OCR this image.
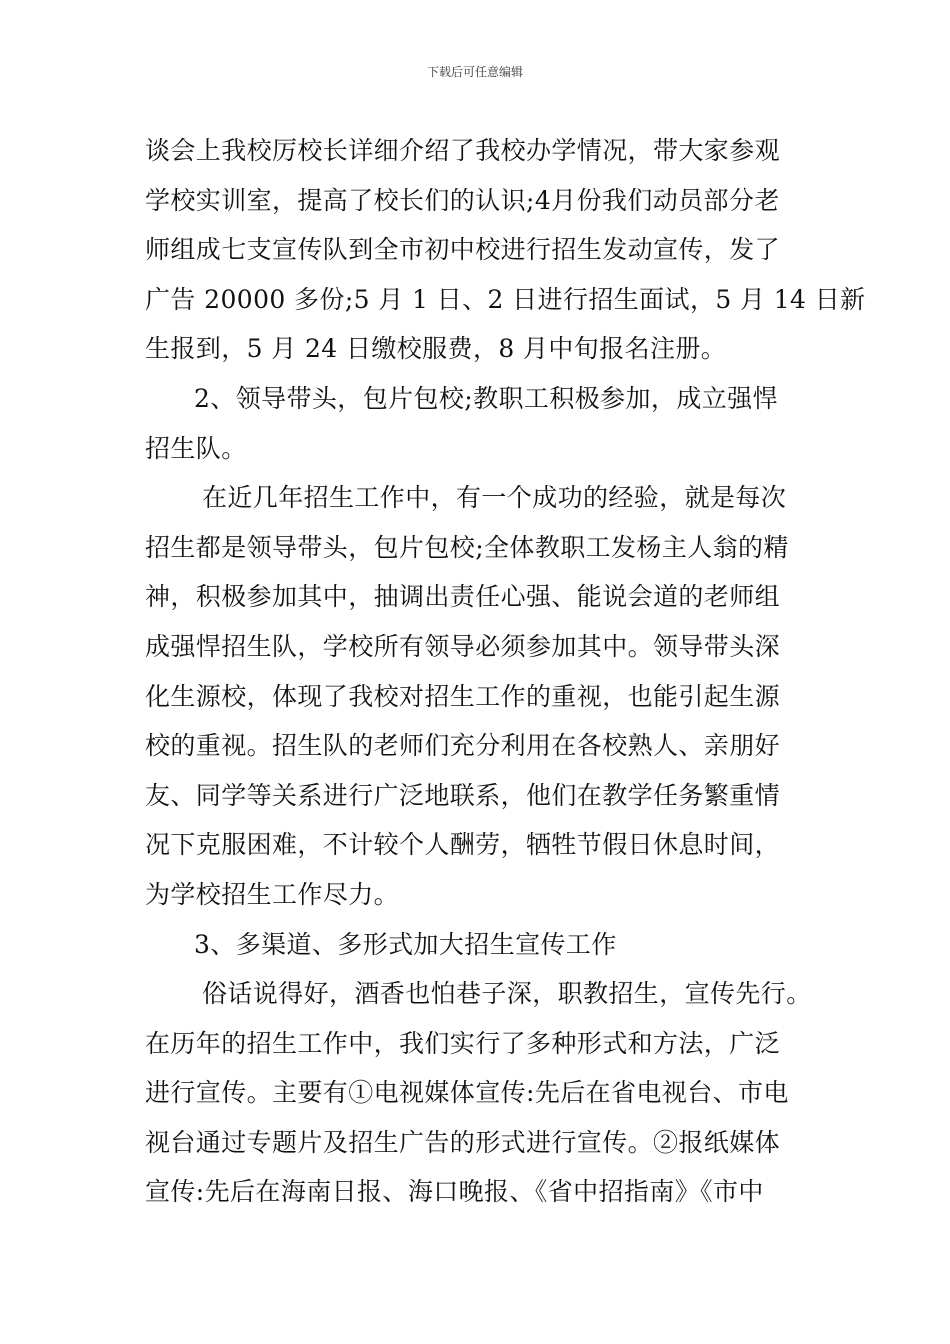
下载后可任意编辑
谈会上我校厉校长详细介绍了我校办学情况，带大家参观
学校实训室，提高了校长们的认识;4月份我们动员部分老
师组成七支宣传队到全市初中校进行招生发动宣传，发了
广告 20000 多份;5 月 1 日、2 日进行招生面试，5 月 14 日新
生报到，5 月 24 日缴校服费，8 月中旬报名注册。
2、领导带头，包片包校;教职工积极参加，成立强悍
招生队。
在近几年招生工作中，有一个成功的经验，就是每次
招生都是领导带头，包片包校;全体教职工发杨主人翁的精
神，积极参加其中，抽调出责任心强、能说会道的老师组
成强悍招生队，学校所有领导必须参加其中。领导带头深
化生源校，体现了我校对招生工作的重视，也能引起生源
校的重视。招生队的老师们充分利用在各校熟人、亲朋好
友、同学等关系进行广泛地联系，他们在教学任务繁重情
况下克服困难，不计较个人酬劳，牺牲节假日休息时间，
为学校招生工作尽力。
3、多渠道、多形式加大招生宣传工作
俗话说得好，酒香也怕巷子深，职教招生，宣传先行。
在历年的招生工作中，我们实行了多种形式和方法，广泛
进行宣传。主要有①电视媒体宣传:先后在省电视台、市电
视台通过专题片及招生广告的形式进行宣传。②报纸媒体
宣传:先后在海南日报、海口晚报、《省中招指南》《市中
